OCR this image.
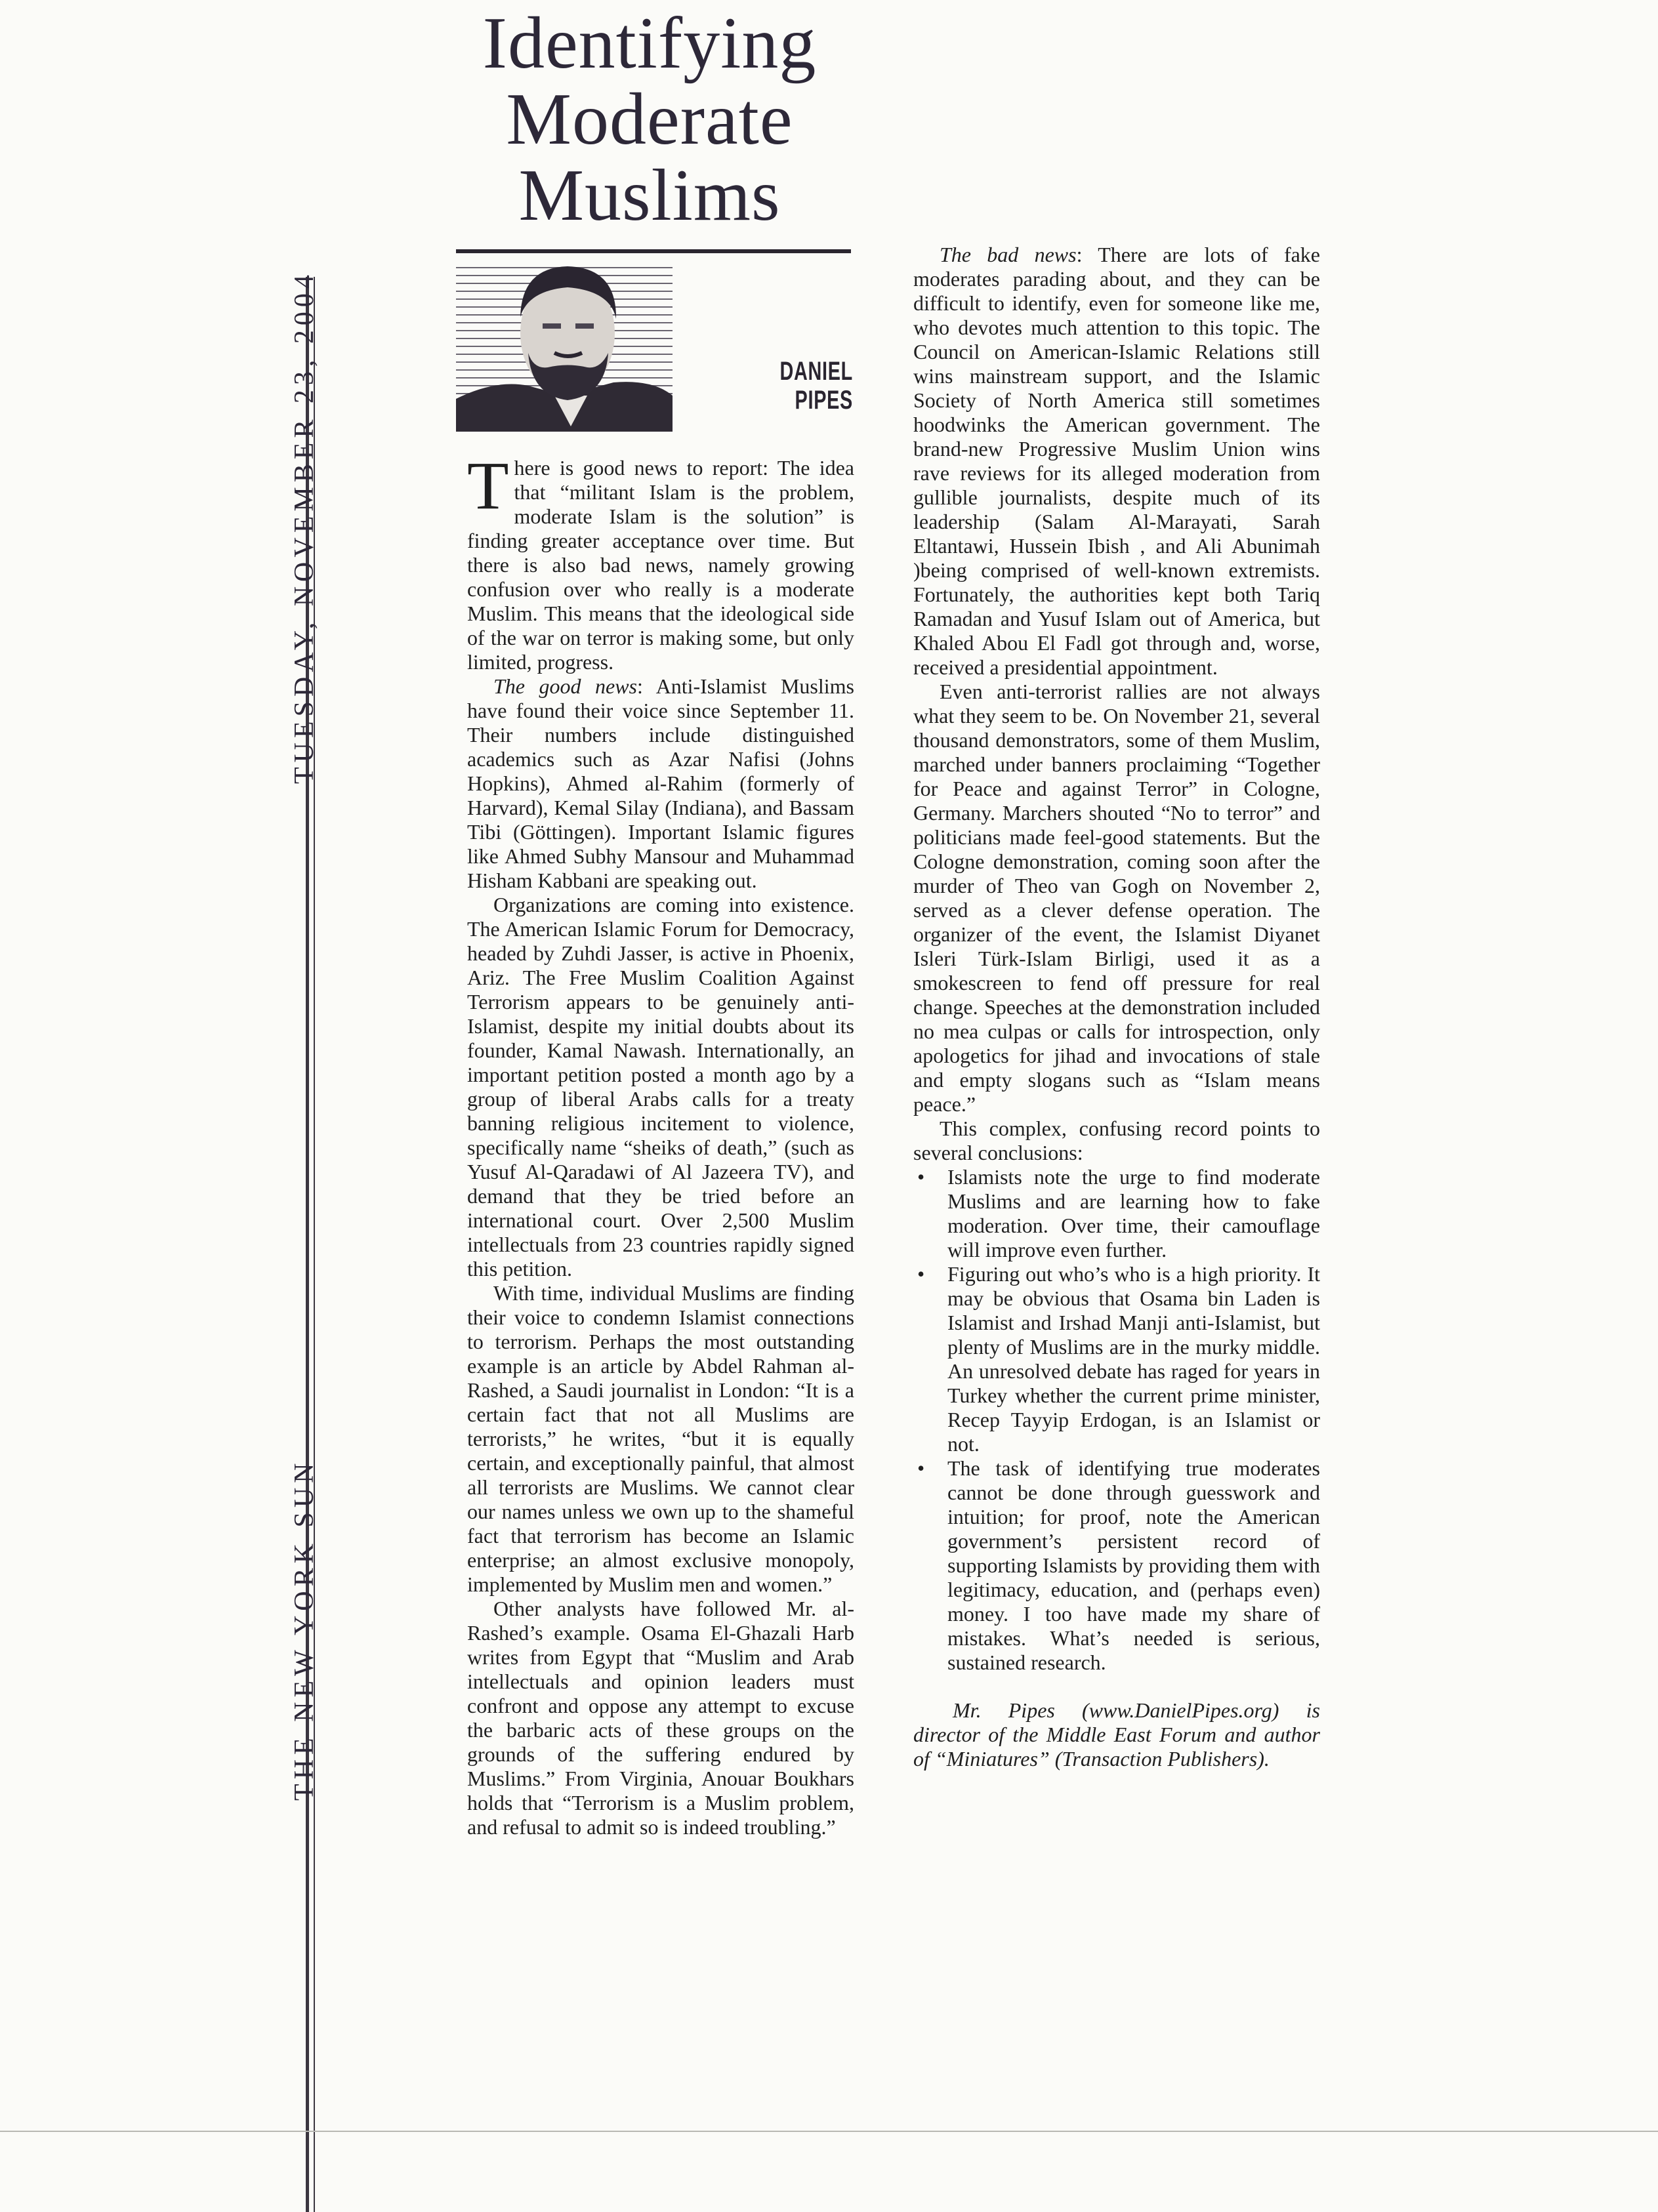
Identifying
Moderate
Muslims
TUESDAY, NOVEMBER 23, 2004
THE NEW YORK SUN
DANIEL
PIPES

There is good news to report: The idea that “militant Islam is the problem, moderate Islam is the solution” is finding greater acceptance over time. But there is also bad news, namely growing confusion over who really is a moderate Muslim. This means that the ideological side of the war on terror is making some, but only limited, progress.

The good news: Anti-Islamist Muslims have found their voice since September 11. Their numbers include distinguished academics such as Azar Nafisi (Johns Hopkins), Ahmed al-Rahim (formerly of Harvard), Kemal Silay (Indiana), and Bassam Tibi (Göttingen). Important Islamic figures like Ahmed Subhy Mansour and Muhammad Hisham Kabbani are speaking out.

Organizations are coming into existence. The American Islamic Forum for Democracy, headed by Zuhdi Jasser, is active in Phoenix, Ariz. The Free Muslim Coalition Against Terrorism appears to be genuinely anti-Islamist, despite my initial doubts about its founder, Kamal Nawash. Internationally, an important petition posted a month ago by a group of liberal Arabs calls for a treaty banning religious incitement to violence, specifically name “sheiks of death,” (such as Yusuf Al-Qaradawi of Al Jazeera TV), and demand that they be tried before an international court. Over 2,500 Muslim intellectuals from 23 countries rapidly signed this petition.

With time, individual Muslims are finding their voice to condemn Islamist connections to terrorism. Perhaps the most outstanding example is an article by Abdel Rahman al-Rashed, a Saudi journalist in London: “It is a certain fact that not all Muslims are terrorists,” he writes, “but it is equally certain, and exceptionally painful, that almost all terrorists are Muslims. We cannot clear our names unless we own up to the shameful fact that terrorism has become an Islamic enterprise; an almost exclusive monopoly, implemented by Muslim men and women.”

Other analysts have followed Mr. al-Rashed’s example. Osama El-Ghazali Harb writes from Egypt that “Muslim and Arab intellectuals and opinion leaders must confront and oppose any attempt to excuse the barbaric acts of these groups on the grounds of the suffering endured by Muslims.” From Virginia, Anouar Boukhars holds that “Terrorism is a Muslim problem, and refusal to admit so is indeed troubling.”

The bad news: There are lots of fake moderates parading about, and they can be difficult to identify, even for someone like me, who devotes much attention to this topic. The Council on American-Islamic Relations still wins mainstream support, and the Islamic Society of North America still sometimes hoodwinks the American government. The brand-new Progressive Muslim Union wins rave reviews for its alleged moderation from gullible journalists, despite much of its leadership (Salam Al-Marayati, Sarah Eltantawi, Hussein Ibish , and Ali Abunimah )being comprised of well-known extremists. Fortunately, the authorities kept both Tariq Ramadan and Yusuf Islam out of America, but Khaled Abou El Fadl got through and, worse, received a presidential appointment.

Even anti-terrorist rallies are not always what they seem to be. On November 21, several thousand demonstrators, some of them Muslim, marched under banners proclaiming “Together for Peace and against Terror” in Cologne, Germany. Marchers shouted “No to terror” and politicians made feel-good statements. But the Cologne demonstration, coming soon after the murder of Theo van Gogh on November 2, served as a clever defense operation. The organizer of the event, the Islamist Diyanet Isleri Türk-Islam Birligi, used it as a smokescreen to fend off pressure for real change. Speeches at the demonstration included no mea culpas or calls for introspection, only apologetics for jihad and invocations of stale and empty slogans such as “Islam means peace.”

This complex, confusing record points to several conclusions:

• Islamists note the urge to find moderate Muslims and are learning how to fake moderation. Over time, their camouflage will improve even further.
• Figuring out who’s who is a high priority. It may be obvious that Osama bin Laden is Islamist and Irshad Manji anti-Islamist, but plenty of Muslims are in the murky middle. An unresolved debate has raged for years in Turkey whether the current prime minister, Recep Tayyip Erdogan, is an Islamist or not.
• The task of identifying true moderates cannot be done through guesswork and intuition; for proof, note the American government’s persistent record of supporting Islamists by providing them with legitimacy, education, and (perhaps even) money. I too have made my share of mistakes. What’s needed is serious, sustained research.
Mr. Pipes (www.DanielPipes.org) is director of the Middle East Forum and author of “Miniatures” (Transaction Publishers).
